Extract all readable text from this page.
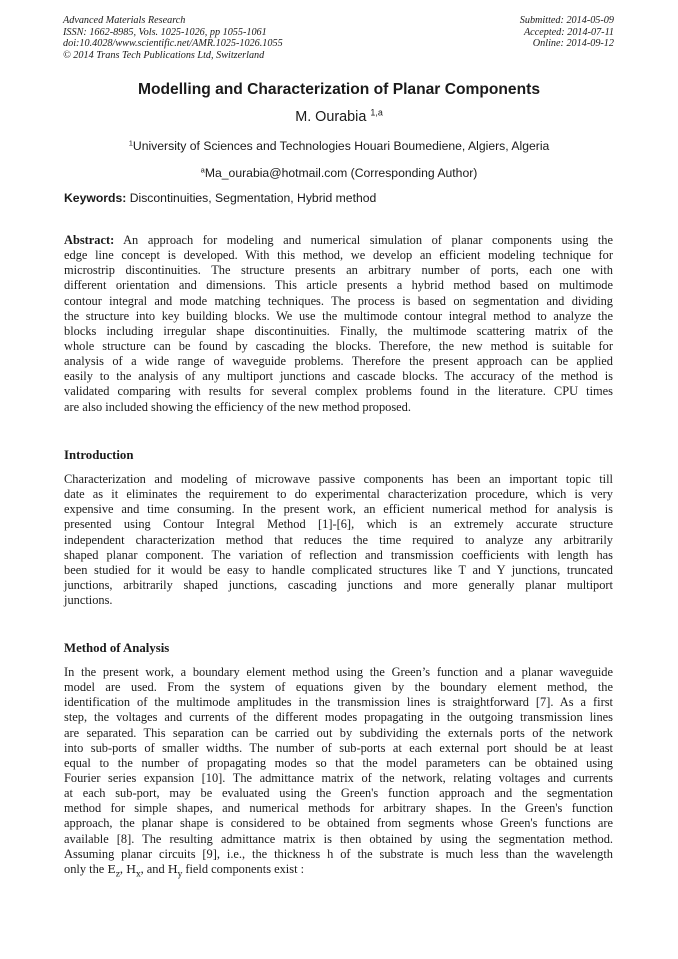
Advanced Materials Research
ISSN: 1662-8985, Vols. 1025-1026, pp 1055-1061
doi:10.4028/www.scientific.net/AMR.1025-1026.1055
© 2014 Trans Tech Publications Ltd, Switzerland
Submitted: 2014-05-09
Accepted: 2014-07-11
Online: 2014-09-12
Modelling and Characterization of Planar Components
M. Ourabia $^{1,a}$
$^1$University of Sciences and Technologies Houari Boumediene, Algiers, Algeria
$^a$Ma_ourabia@hotmail.com (Corresponding Author)
Keywords: Discontinuities, Segmentation, Hybrid method
Abstract: An approach for modeling and numerical simulation of planar components using the
edge line concept is developed. With this method, we develop an efficient modeling technique for
microstrip discontinuities. The structure presents an arbitrary number of ports, each one with
different orientation and dimensions. This article presents a hybrid method based on multimode
contour integral and mode matching techniques. The process is based on segmentation and dividing
the structure into key building blocks. We use the multimode contour integral method to analyze the
blocks including irregular shape discontinuities. Finally, the multimode scattering matrix of the
whole structure can be found by cascading the blocks. Therefore, the new method is suitable for
analysis of a wide range of waveguide problems. Therefore the present approach can be applied
easily to the analysis of any multiport junctions and cascade blocks. The accuracy of the method is
validated comparing with results for several complex problems found in the literature. CPU times
are also included showing the efficiency of the new method proposed.
Introduction
Characterization and modeling of microwave passive components has been an important topic till
date as it eliminates the requirement to do experimental characterization procedure, which is very
expensive and time consuming. In the present work, an efficient numerical method for analysis is
presented using Contour Integral Method [1]-[6], which is an extremely accurate structure
independent characterization method that reduces the time required to analyze any arbitrarily
shaped planar component. The variation of reflection and transmission coefficients with length has
been studied for it would be easy to handle complicated structures like T and Y junctions, truncated
junctions, arbitrarily shaped junctions, cascading junctions and more generally planar multiport
junctions.
Method of Analysis
In the present work, a boundary element method using the Green’s function and a planar waveguide
model are used. From the system of equations given by the boundary element method, the
identification of the multimode amplitudes in the transmission lines is straightforward [7]. As a first
step, the voltages and currents of the different modes propagating in the outgoing transmission lines
are separated. This separation can be carried out by subdividing the externals ports of the network
into sub-ports of smaller widths. The number of sub-ports at each external port should be at least
equal to the number of propagating modes so that the model parameters can be obtained using
Fourier series expansion [10]. The admittance matrix of the network, relating voltages and currents
at each sub-port, may be evaluated using the Green's function approach and the segmentation
method for simple shapes, and numerical methods for arbitrary shapes. In the Green's function
approach, the planar shape is considered to be obtained from segments whose Green's functions are
available [8]. The resulting admittance matrix is then obtained by using the segmentation method.
Assuming planar circuits [9], i.e., the thickness h of the substrate is much less than the wavelength
only the $E_z$, $H_x$, and $H_y$ field components exist :
